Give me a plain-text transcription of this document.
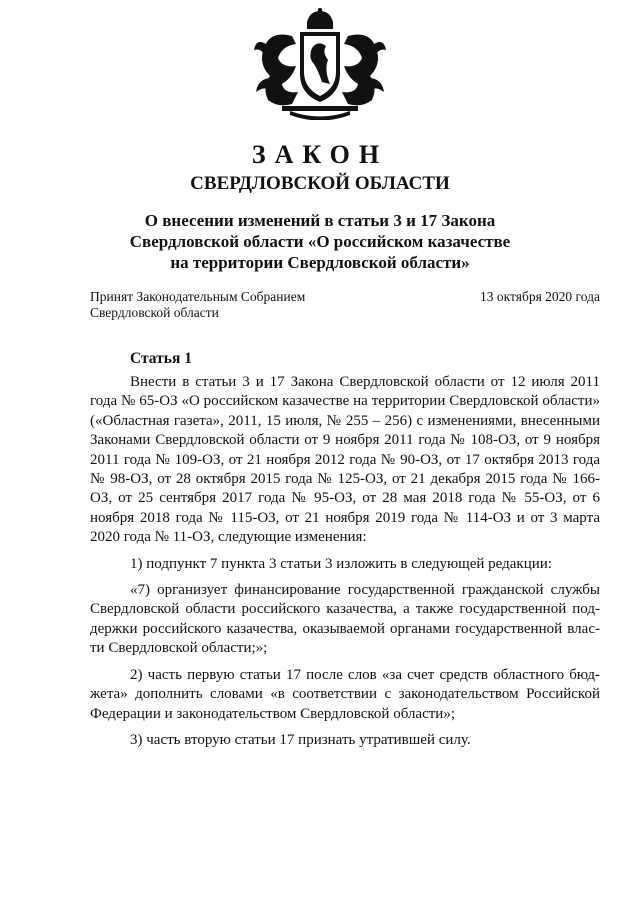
ЗАКОН
СВЕРДЛОВСКОЙ ОБЛАСТИ
О внесении изменений в статьи 3 и 17 Закона
Свердловской области «О российском казачестве
на территории Свердловской области»
Принят Законодательным Собранием
Свердловской области
13 октября 2020 года
Статья 1

Внести в статьи 3 и 17 Закона Свердловской области от 12 июля 2011 года № 65-ОЗ «О российском казачестве на территории Свердловской области» («Областная газета», 2011, 15 июля, № 255 – 256) с изменениями, внесенными Законами Свердловской области от 9 ноября 2011 года № 108-ОЗ, от 9 ноября 2011 года № 109-ОЗ, от 21 ноября 2012 года № 90-ОЗ, от 17 октября 2013 года № 98-ОЗ, от 28 октября 2015 года № 125-ОЗ, от 21 декабря 2015 года № 166-ОЗ, от 25 сентября 2017 года № 95-ОЗ, от 28 мая 2018 года № 55-ОЗ, от 6 ноября 2018 года № 115-ОЗ, от 21 ноября 2019 года № 114-ОЗ и от 3 марта 2020 года № 11-ОЗ, следующие изменения:

1) подпункт 7 пункта 3 статьи 3 изложить в следующей редакции:

«7) организует финансирование государственной гражданской службы Свердловской области российского казачества, а также государственной поддержки российского казачества, оказываемой органами государственной власти Свердловской области;»;

2) часть первую статьи 17 после слов «за счет средств областного бюджета» дополнить словами «в соответствии с законодательством Российской Федерации и законодательством Свердловской области»;

3) часть вторую статьи 17 признать утратившей силу.
